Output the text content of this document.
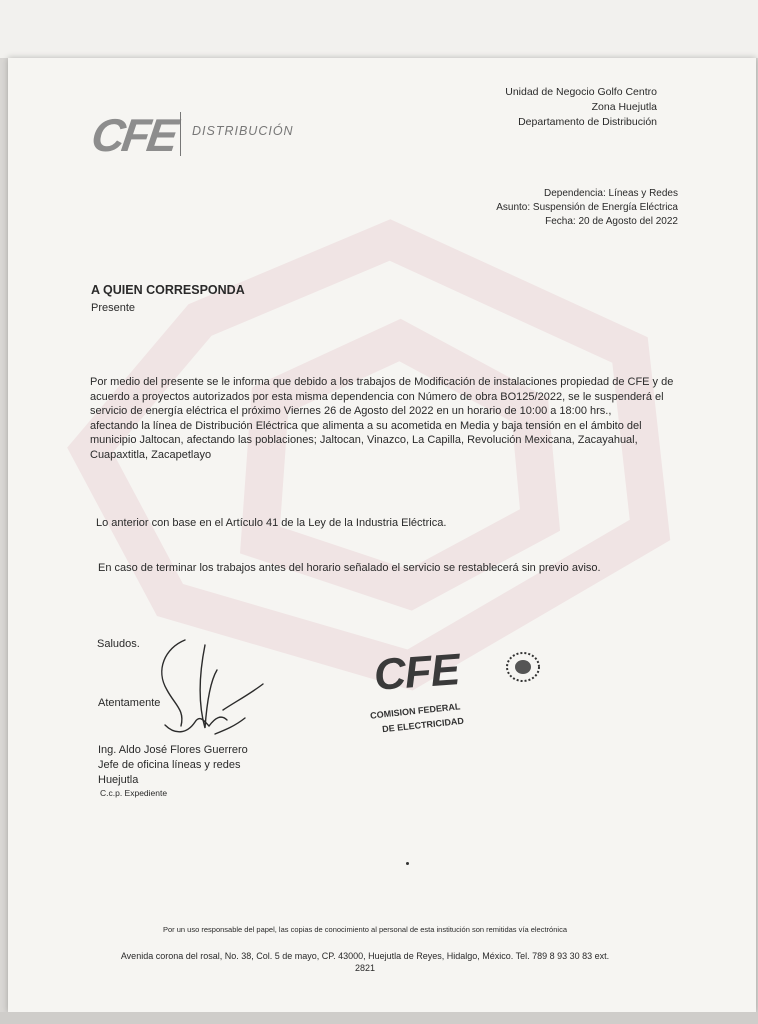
Unidad de Negocio Golfo Centro
Zona Huejutla
Departamento de Distribución
CFE DISTRIBUCIÓN
Dependencia: Líneas y Redes
Asunto: Suspensión de Energía Eléctrica
Fecha: 20 de Agosto del 2022
A QUIEN CORRESPONDA
Presente
Por medio del presente se le informa que debido a los trabajos de Modificación de instalaciones propiedad de CFE y de
acuerdo a proyectos autorizados por esta misma dependencia con Número de obra BO125/2022, se le suspenderá el
servicio de energía eléctrica el próximo Viernes 26 de Agosto del 2022 en un horario de 10:00 a 18:00 hrs.,
afectando la línea de Distribución Eléctrica que alimenta a su acometida en Media y baja tensión en el ámbito del
municipio Jaltocan, afectando las poblaciones; Jaltocan, Vinazco, La Capilla, Revolución Mexicana, Zacayahual,
Cuapaxtitla, Zacapetlayo
Lo anterior con base en el Artículo 41 de la Ley de la Industria Eléctrica.
En caso de terminar los trabajos antes del horario señalado el servicio se restablecerá sin previo aviso.
Saludos.
Atentamente
Ing. Aldo José Flores Guerrero
Jefe de oficina líneas y redes
Huejutla
C.c.p. Expediente
CFE
COMISION FEDERAL
DE ELECTRICIDAD
Por un uso responsable del papel, las copias de conocimiento al personal de esta institución son remitidas vía electrónica
Avenida corona del rosal, No. 38, Col. 5 de mayo, CP. 43000, Huejutla de Reyes, Hidalgo, México. Tel. 789 8 93 30 83 ext.
2821
